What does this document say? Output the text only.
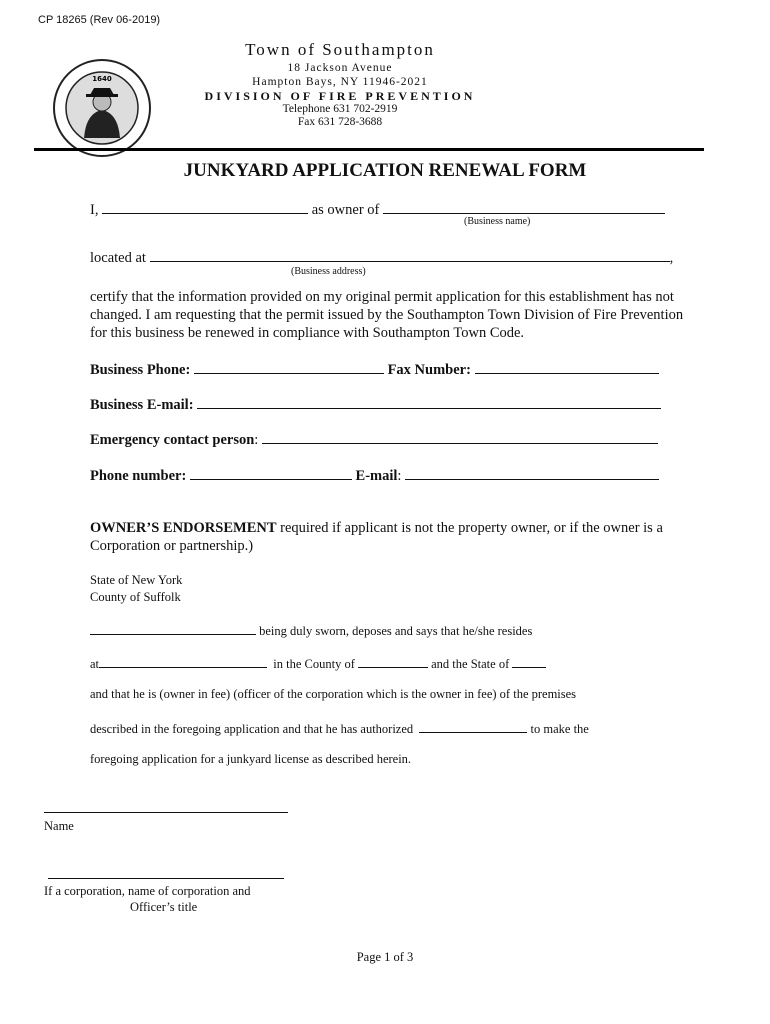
CP 18265 (Rev 06-2019)
1640
Town of Southampton
18 Jackson Avenue
Hampton Bays, NY 11946-2021
DIVISION OF FIRE PREVENTION
Telephone 631 702-2919
Fax 631 728-3688
JUNKYARD APPLICATION RENEWAL FORM
I,	as owner of
(Business name)
located at	,
(Business address)
certify that the information provided on my original permit application for this establishment has not changed. I am requesting that the permit issued by the Southampton Town Division of Fire Prevention for this business be renewed in compliance with Southampton Town Code.
Business Phone:	Fax Number:
Business E-mail:
Emergency contact person:
Phone number:	E-mail:
OWNER’S ENDORSEMENT required if applicant is not the property owner, or if the owner is a Corporation or partnership.)
State of New York
County of Suffolk
being duly sworn, deposes and says that he/she resides
at	in the County of	and the State of
and that he is (owner in fee) (officer of the corporation which is the owner in fee) of the premises
described in the foregoing application and that he has authorized	to make the
foregoing application for a junkyard license as described herein.
Name
If a corporation, name of corporation and
Officer’s title
Page 1 of 3
